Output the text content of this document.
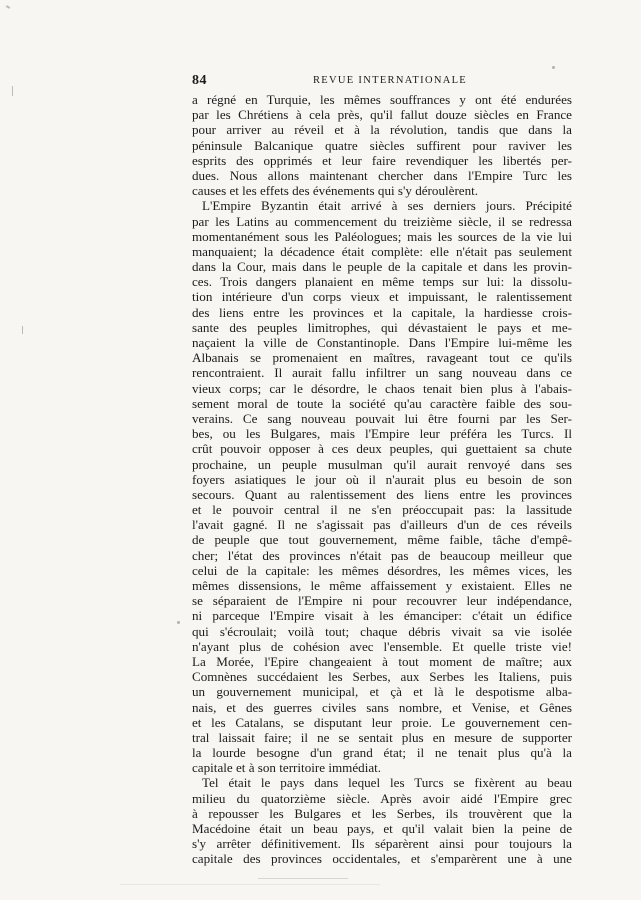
84	REVUE INTERNATIONALE
a régné en Turquie, les mêmes souffrances y ont été endurées
par les Chrétiens à cela près, qu'il fallut douze siècles en France
pour arriver au réveil et à la révolution, tandis que dans la
péninsule Balcanique quatre siècles suffirent pour raviver les
esprits des opprimés et leur faire revendiquer les libertés per-
dues. Nous allons maintenant chercher dans l'Empire Turc les
causes et les effets des événements qui s'y déroulèrent.
L'Empire Byzantin était arrivé à ses derniers jours. Précipité
par les Latins au commencement du treizième siècle, il se redressa
momentanément sous les Paléologues; mais les sources de la vie lui
manquaient; la décadence était complète: elle n'était pas seulement
dans la Cour, mais dans le peuple de la capitale et dans les provin-
ces. Trois dangers planaient en même temps sur lui: la dissolu-
tion intérieure d'un corps vieux et impuissant, le ralentissement
des liens entre les provinces et la capitale, la hardiesse crois-
sante des peuples limitrophes, qui dévastaient le pays et me-
naçaient la ville de Constantinople. Dans l'Empire lui-même les
Albanais se promenaient en maîtres, ravageant tout ce qu'ils
rencontraient. Il aurait fallu infiltrer un sang nouveau dans ce
vieux corps; car le désordre, le chaos tenait bien plus à l'abais-
sement moral de toute la société qu'au caractère faible des sou-
verains. Ce sang nouveau pouvait lui être fourni par les Ser-
bes, ou les Bulgares, mais l'Empire leur préféra les Turcs. Il
crût pouvoir opposer à ces deux peuples, qui guettaient sa chute
prochaine, un peuple musulman qu'il aurait renvoyé dans ses
foyers asiatiques le jour où il n'aurait plus eu besoin de son
secours. Quant au ralentissement des liens entre les provinces
et le pouvoir central il ne s'en préoccupait pas: la lassitude
l'avait gagné. Il ne s'agissait pas d'ailleurs d'un de ces réveils
de peuple que tout gouvernement, même faible, tâche d'empê-
cher; l'état des provinces n'était pas de beaucoup meilleur que
celui de la capitale: les mêmes désordres, les mêmes vices, les
mêmes dissensions, le même affaissement y existaient. Elles ne
se séparaient de l'Empire ni pour recouvrer leur indépendance,
ni parceque l'Empire visait à les émanciper: c'était un édifice
qui s'écroulait; voilà tout; chaque débris vivait sa vie isolée
n'ayant plus de cohésion avec l'ensemble. Et quelle triste vie!
La Morée, l'Epire changeaient à tout moment de maître; aux
Comnènes succédaient les Serbes, aux Serbes les Italiens, puis
un gouvernement municipal, et çà et là le despotisme alba-
nais, et des guerres civiles sans nombre, et Venise, et Gênes
et les Catalans, se disputant leur proie. Le gouvernement cen-
tral laissait faire; il ne se sentait plus en mesure de supporter
la lourde besogne d'un grand état; il ne tenait plus qu'à la
capitale et à son territoire immédiat.
Tel était le pays dans lequel les Turcs se fixèrent au beau
milieu du quatorzième siècle. Après avoir aidé l'Empire grec
à repousser les Bulgares et les Serbes, ils trouvèrent que la
Macédoine était un beau pays, et qu'il valait bien la peine de
s'y arrêter définitivement. Ils séparèrent ainsi pour toujours la
capitale des provinces occidentales, et s'emparèrent une à une
